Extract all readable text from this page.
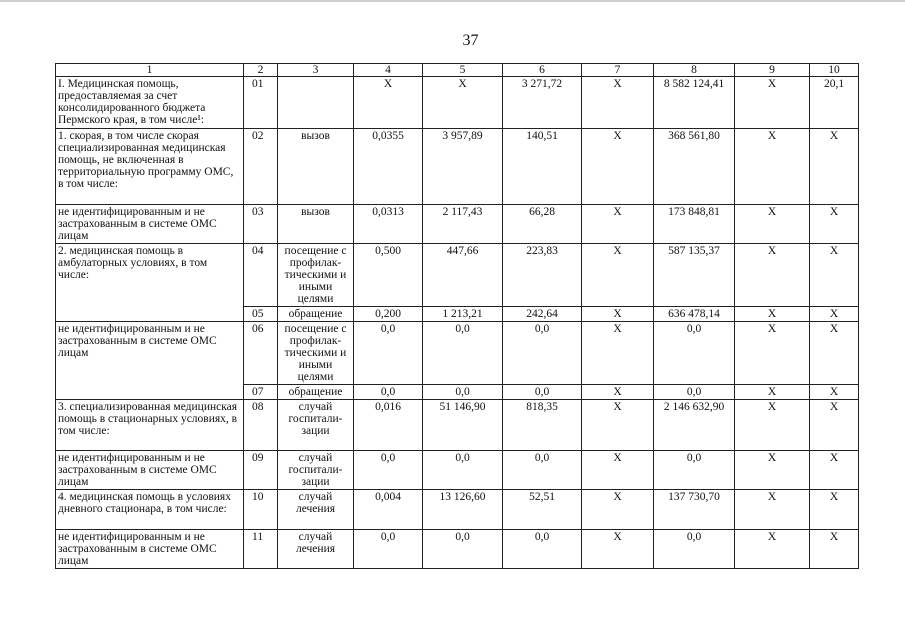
37
1	2	3	4	5	6	7	8	9	10
I. Медицинская помощь, предоставляемая за счет консолидированного бюджета Пермского края, в том числе¹:	01		X	X	3 271,72	X	8 582 124,41	X	20,1
1. скорая, в том числе скорая специализированная медицинская помощь, не включенная в территориальную программу ОМС, в том числе:	02	вызов	0,0355	3 957,89	140,51	X	368 561,80	X	X
не идентифицированным и не застрахованным в системе ОМС лицам	03	вызов	0,0313	2 117,43	66,28	X	173 848,81	X	X
2. медицинская помощь в амбулаторных условиях, в том числе:	04	посещение с профилак-тическими и иными целями	0,500	447,66	223,83	X	587 135,37	X	X
	05	обращение	0,200	1 213,21	242,64	X	636 478,14	X	X
не идентифицированным и не застрахованным в системе ОМС лицам	06	посещение с профилак-тическими и иными целями	0,0	0,0	0,0	X	0,0	X	X
	07	обращение	0,0	0,0	0,0	X	0,0	X	X
3. специализированная медицинская помощь в стационарных условиях, в том числе:	08	случай госпитали-зации	0,016	51 146,90	818,35	X	2 146 632,90	X	X
не идентифицированным и не застрахованным в системе ОМС лицам	09	случай госпитали-зации	0,0	0,0	0,0	X	0,0	X	X
4. медицинская помощь в условиях дневного стационара, в том числе:	10	случай лечения	0,004	13 126,60	52,51	X	137 730,70	X	X
не идентифицированным и не застрахованным в системе ОМС лицам	11	случай лечения	0,0	0,0	0,0	X	0,0	X	X
